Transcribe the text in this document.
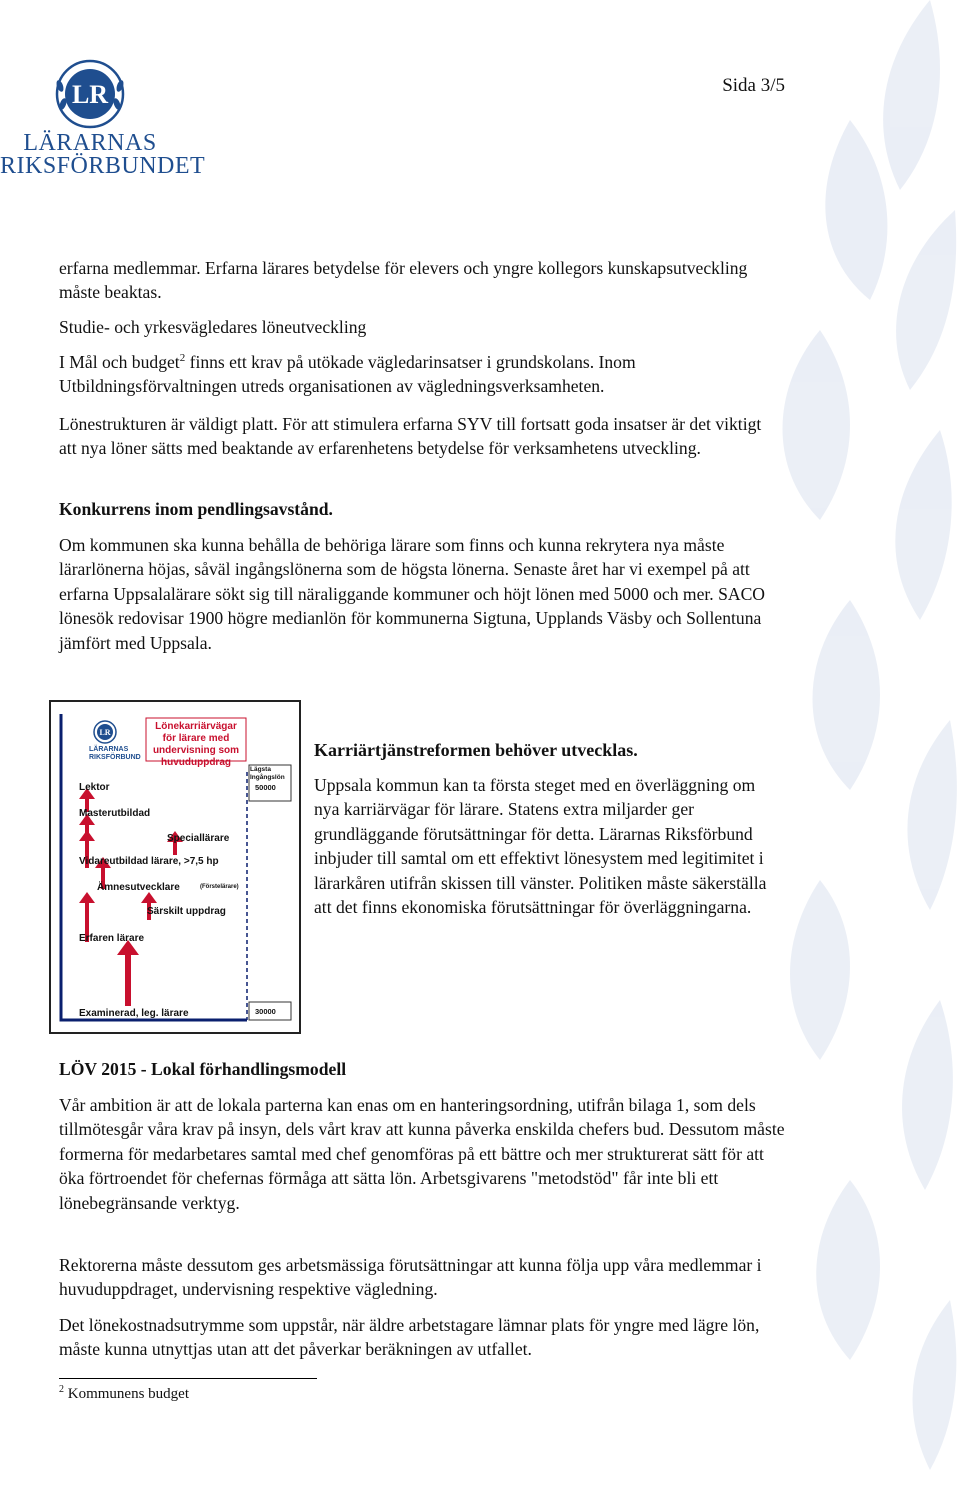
LR
LÄRARNAS
RIKSFÖRBUNDET
Sida 3/5

erfarna medlemmar. Erfarna lärares betydelse för elevers och yngre kollegors kunskapsutveckling måste beaktas.

Studie- och yrkesvägledares löneutveckling

I Mål och budget$^2$ finns ett krav på utökade vägledarinsatser i grundskolans. Inom Utbildningsförvaltningen utreds organisationen av vägledningsverksamheten.

Lönestrukturen är väldigt platt. För att stimulera erfarna SYV till fortsatt goda insatser är det viktigt att nya löner sätts med beaktande av erfarenhetens betydelse för verksamhetens utveckling.

Konkurrens inom pendlingsavstånd.

Om kommunen ska kunna behålla de behöriga lärare som finns och kunna rekrytera nya måste lärarlönerna höjas, såväl ingångslönerna som de högsta lönerna. Senaste året har vi exempel på att erfarna Uppsalalärare sökt sig till näraliggande kommuner och höjt lönen med 5000 och mer. SACO lönesök redovisar 1900 högre medianlön för kommunerna Sigtuna, Upplands Väsby och Sollentuna jämfört med Uppsala.

LR
LÄRARNAS
RIKSFÖRBUND
Lönekarriärvägar för lärare med undervisning som huvuduppdrag
Lägsta Ingångslön
50000
30000
Lektor
Masterutbildad
Speciallärare
Vidareutbildad lärare, >7,5 hp
Ämnesutvecklare	(Förstelärare)
Särskilt uppdrag
Erfaren lärare
Examinerad, leg. lärare

Karriärtjänstreformen behöver utvecklas.

Uppsala kommun kan ta första steget med en överläggning om nya karriärvägar för lärare. Statens extra miljarder ger grundläggande förutsättningar för detta. Lärarnas Riksförbund inbjuder till samtal om ett effektivt lönesystem med legitimitet i lärarkåren utifrån skissen till vänster. Politiken måste säkerställa att det finns ekonomiska förutsättningar för överläggningarna.

LÖV 2015 - Lokal förhandlingsmodell

Vår ambition är att de lokala parterna kan enas om en hanteringsordning, utifrån bilaga 1, som dels tillmötesgår våra krav på insyn, dels vårt krav att kunna påverka enskilda chefers bud. Dessutom måste formerna för medarbetares samtal med chef genomföras på ett bättre och mer strukturerat sätt för att öka förtroendet för chefernas förmåga att sätta lön. Arbetsgivarens "metodstöd" får inte bli ett lönebegränsande verktyg.

Rektorerna måste dessutom ges arbetsmässiga förutsättningar att kunna följa upp våra medlemmar i huvuduppdraget, undervisning respektive vägledning.

Det lönekostnadsutrymme som uppstår, när äldre arbetstagare lämnar plats för yngre med lägre lön, måste kunna utnyttjas utan att det påverkar beräkningen av utfallet.

$^2$ Kommunens budget
